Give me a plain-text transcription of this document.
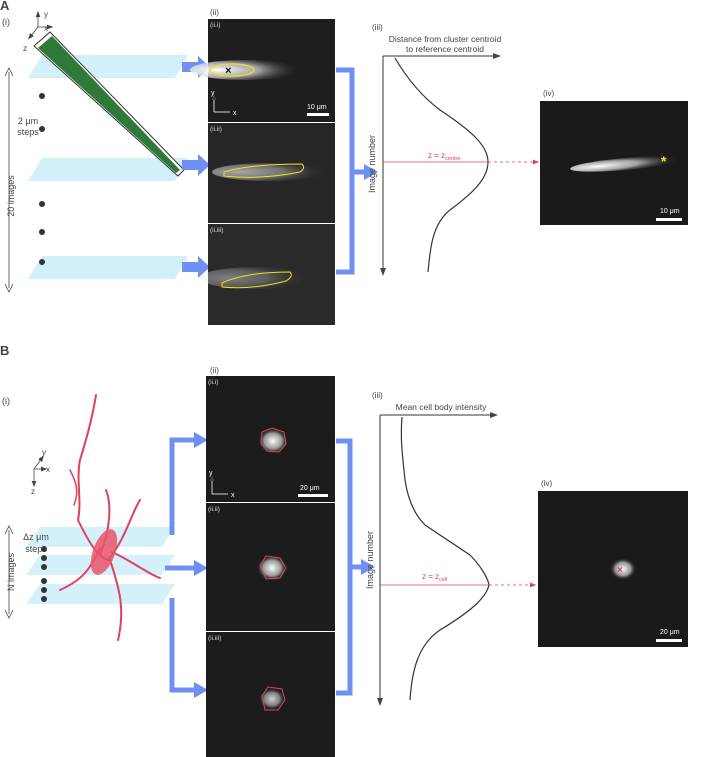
A
(i)
y
x
z
20 images
2 μm
steps
(ii)
×
(ii.i)
y
x
10 μm
(ii.ii)
(ii.iii)
(iii)
Distance from cluster centroid
to reference centroid
Image number	$z = z_{centre}$
(iv)
*
10 μm
B
(i)
y
x
z
N images
Δz μm
steps
(ii)
(ii.i)
y
x
20 μm
(ii.ii)
(ii.iii)
(iii)
Mean cell body intensity
Image number	$z = z_{cell}$
(iv)
×
20 μm
